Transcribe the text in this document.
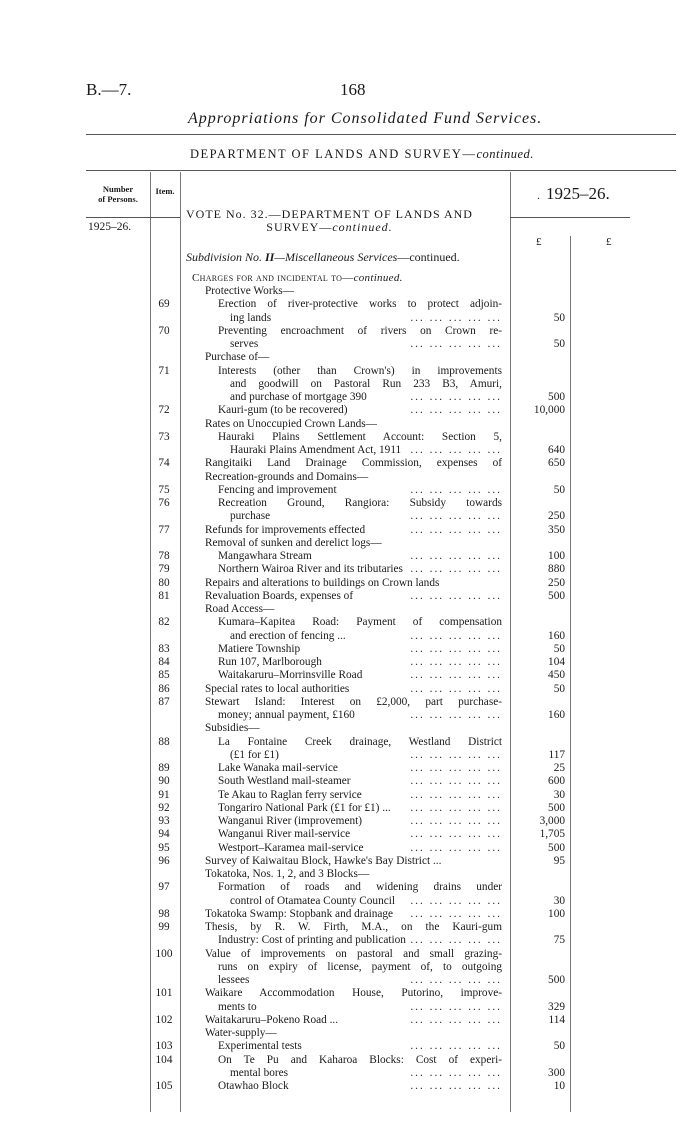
B.—7.	168
Appropriations for Consolidated Fund Services.
DEPARTMENT OF LANDS AND SURVEY—continued.
Number
of Persons.
Item.	. 1925–26.
1925–26.
£	£
VOTE No. 32.—DEPARTMENT OF LANDS AND
SURVEY—continued.
Subdivision No. II—Miscellaneous Services—continued.
Charges for and incidental to—continued.
Protective Works—
69	Erection of river-protective works to protect adjoin-
ing lands	... ... ... ... ...	50
70	Preventing encroachment of rivers on Crown re-
serves	... ... ... ... ...	50
Purchase of—
71	Interests (other than Crown's) in improvements
and goodwill on Pastoral Run 233 B3, Amuri,
and purchase of mortgage 390	... ... ... ... ...	500
72	Kauri-gum (to be recovered)	... ... ... ... ...	10,000
Rates on Unoccupied Crown Lands—
73	Hauraki Plains Settlement Account: Section 5,
Hauraki Plains Amendment Act, 1911 ... ... ... ... ...	640
74	Rangitaiki Land Drainage Commission, expenses of	650
Recreation-grounds and Domains—
75	Fencing and improvement	... ... ... ... ...	50
76	Recreation Ground, Rangiora: Subsidy towards
purchase	... ... ... ... ...	250
77	Refunds for improvements effected	... ... ... ... ...	350
Removal of sunken and derelict logs—
78	Mangawhara Stream	... ... ... ... ...	100
79	Northern Wairoa River and its tributaries ... ... ... ... ...	880
80	Repairs and alterations to buildings on Crown lands	250
81	Revaluation Boards, expenses of	... ... ... ... ...	500
Road Access—
82	Kumara–Kapitea Road: Payment of compensation
and erection of fencing ...	... ... ... ... ...	160
83	Matiere Township	... ... ... ... ...	50
84	Run 107, Marlborough	... ... ... ... ...	104
85	Waitakaruru–Morrinsville Road	... ... ... ... ...	450
86	Special rates to local authorities	... ... ... ... ...	50
87	Stewart Island: Interest on £2,000, part purchase-
money; annual payment, £160	... ... ... ... ...	160
Subsidies—
88	La Fontaine Creek drainage, Westland District
(£1 for £1)	... ... ... ... ...	117
89	Lake Wanaka mail-service	... ... ... ... ...	25
90	South Westland mail-steamer	... ... ... ... ...	600
91	Te Akau to Raglan ferry service	... ... ... ... ...	30
92	Tongariro National Park (£1 for £1) ...	... ... ... ... ...	500
93	Wanganui River (improvement)	... ... ... ... ...	3,000
94	Wanganui River mail-service	... ... ... ... ...	1,705
95	Westport–Karamea mail-service	... ... ... ... ...	500
96	Survey of Kaiwaitau Block, Hawke's Bay District ...	95
Tokatoka, Nos. 1, 2, and 3 Blocks—
97	Formation of roads and widening drains under
control of Otamatea County Council	... ... ... ... ...	30
98	Tokatoka Swamp: Stopbank and drainage	... ... ... ... ...	100
99	Thesis, by R. W. Firth, M.A., on the Kauri-gum
Industry: Cost of printing and publication ... ... ... ... ...	75
100	Value of improvements on pastoral and small grazing-
runs on expiry of license, payment of, to outgoing
lessees	... ... ... ... ...	500
101	Waikare Accommodation House, Putorino, improve-
ments to	... ... ... ... ...	329
102	Waitakaruru–Pokeno Road ...	... ... ... ... ...	114
Water-supply—
103	Experimental tests	... ... ... ... ...	50
104	On Te Pu and Kaharoa Blocks: Cost of experi-
mental bores	... ... ... ... ...	300
105	Otawhao Block	... ... ... ... ...	10
